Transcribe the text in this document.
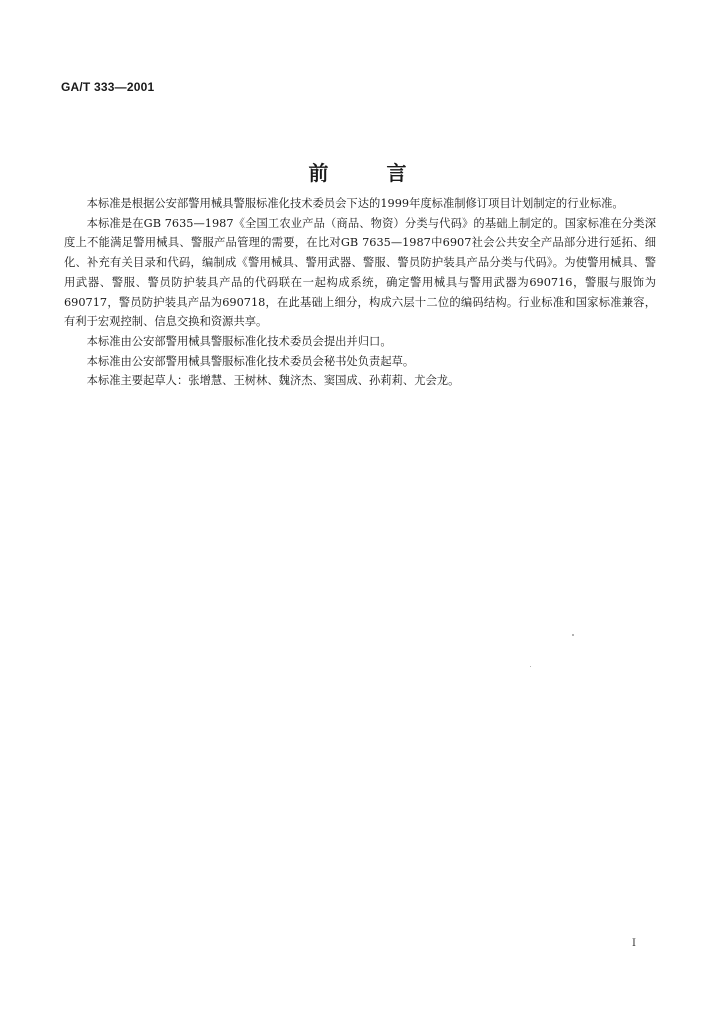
GA/T 333—2001
前	言

本标准是根据公安部警用械具警服标准化技术委员会下达的1999年度标准制修订项目计划制定的行业标准。

本标准是在GB 7635—1987《全国工农业产品（商品、物资）分类与代码》的基础上制定的。国家标准在分类深度上不能满足警用械具、警服产品管理的需要，在比对GB 7635—1987中6907社会公共安全产品部分进行延拓、细化、补充有关目录和代码，编制成《警用械具、警用武器、警服、警员防护装具产品分类与代码》。为使警用械具、警用武器、警服、警员防护装具产品的代码联在一起构成系统，确定警用械具与警用武器为690716，警服与服饰为690717，警员防护装具产品为690718，在此基础上细分，构成六层十二位的编码结构。行业标准和国家标准兼容，有利于宏观控制、信息交换和资源共享。

本标准由公安部警用械具警服标准化技术委员会提出并归口。

本标准由公安部警用械具警服标准化技术委员会秘书处负责起草。

本标准主要起草人：张增慧、王树林、魏济杰、窦国成、孙莉莉、尤会龙。

I
